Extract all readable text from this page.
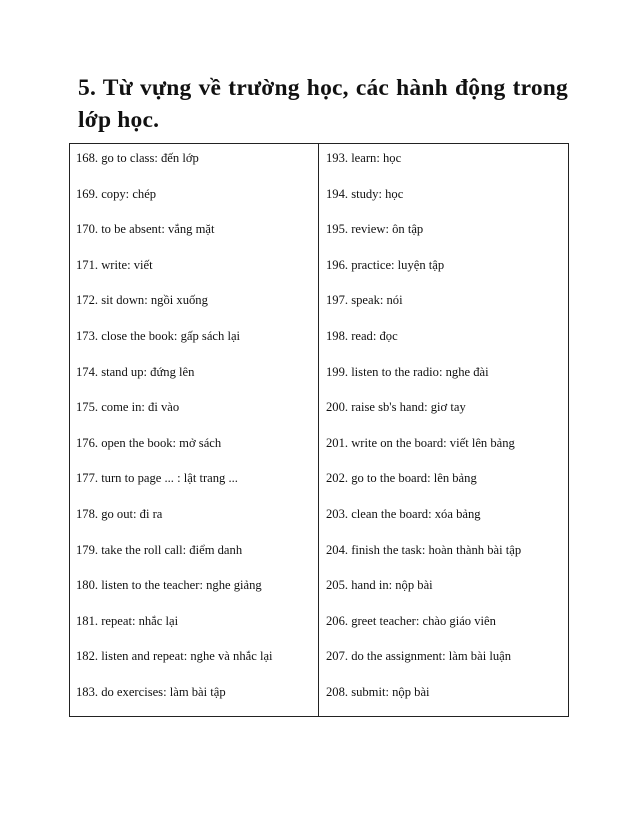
5. Từ vựng về trường học, các hành động trong lớp học.
168. go to class: đến lớp
169. copy: chép
170. to be absent: vắng mặt
171. write: viết
172. sit down: ngồi xuống
173. close the book: gấp sách lại
174. stand up: đứng lên
175. come in: đi vào
176. open the book: mở sách
177. turn to page ... : lật trang ...
178. go out: đi ra
179. take the roll call: điểm danh
180. listen to the teacher: nghe giảng
181. repeat: nhắc lại
182. listen and repeat: nghe và nhắc lại
183. do exercises: làm bài tập
193. learn: học
194. study: học
195. review: ôn tập
196. practice: luyện tập
197. speak: nói
198. read: đọc
199. listen to the radio: nghe đài
200. raise sb's hand: giơ tay
201. write on the board: viết lên bảng
202. go to the board: lên bảng
203. clean the board: xóa bảng
204. finish the task: hoàn thành bài tập
205. hand in: nộp bài
206. greet teacher: chào giáo viên
207. do the assignment: làm bài luận
208. submit: nộp bài
